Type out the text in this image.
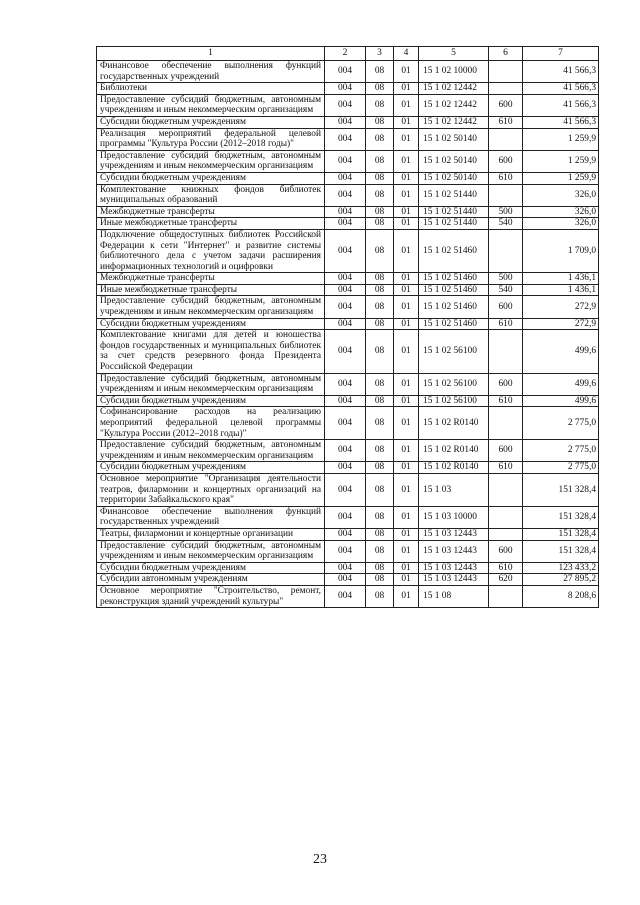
1	2	3	4	5	6	7
Финансовое обеспечение выполнения функций государственных учреждений	004	08	01	15 1 02 10000		41 566,3
Библиотеки	004	08	01	15 1 02 12442		41 566,3
Предоставление субсидий бюджетным, автономным учреждениям и иным некоммерческим организациям	004	08	01	15 1 02 12442	600	41 566,3
Субсидии бюджетным учреждениям	004	08	01	15 1 02 12442	610	41 566,3
Реализация мероприятий федеральной целевой программы "Культура России (2012–2018 годы)"	004	08	01	15 1 02 50140		1 259,9
Предоставление субсидий бюджетным, автономным учреждениям и иным некоммерческим организациям	004	08	01	15 1 02 50140	600	1 259,9
Субсидии бюджетным учреждениям	004	08	01	15 1 02 50140	610	1 259,9
Комплектование книжных фондов библиотек муниципальных образований	004	08	01	15 1 02 51440		326,0
Межбюджетные трансферты	004	08	01	15 1 02 51440	500	326,0
Иные межбюджетные трансферты	004	08	01	15 1 02 51440	540	326,0
Подключение общедоступных библиотек Российской Федерации к сети "Интернет" и развитие системы библиотечного дела с учетом задачи расширения информационных технологий и оцифровки	004	08	01	15 1 02 51460		1 709,0
Межбюджетные трансферты	004	08	01	15 1 02 51460	500	1 436,1
Иные межбюджетные трансферты	004	08	01	15 1 02 51460	540	1 436,1
Предоставление субсидий бюджетным, автономным учреждениям и иным некоммерческим организациям	004	08	01	15 1 02 51460	600	272,9
Субсидии бюджетным учреждениям	004	08	01	15 1 02 51460	610	272,9
Комплектование книгами для детей и юношества фондов государственных и муниципальных библиотек за счет средств резервного фонда Президента Российской Федерации	004	08	01	15 1 02 56100		499,6
Предоставление субсидий бюджетным, автономным учреждениям и иным некоммерческим организациям	004	08	01	15 1 02 56100	600	499,6
Субсидии бюджетным учреждениям	004	08	01	15 1 02 56100	610	499,6
Софинансирование расходов на реализацию мероприятий федеральной целевой программы "Культура России (2012–2018 годы)"	004	08	01	15 1 02 R0140		2 775,0
Предоставление субсидий бюджетным, автономным учреждениям и иным некоммерческим организациям	004	08	01	15 1 02 R0140	600	2 775,0
Субсидии бюджетным учреждениям	004	08	01	15 1 02 R0140	610	2 775,0
Основное мероприятие "Организация деятельности театров, филармонии и концертных организаций на территории Забайкальского края"	004	08	01	15 1 03		151 328,4
Финансовое обеспечение выполнения функций государственных учреждений	004	08	01	15 1 03 10000		151 328,4
Театры, филармонии и концертные организации	004	08	01	15 1 03 12443		151 328,4
Предоставление субсидий бюджетным, автономным учреждениям и иным некоммерческим организациям	004	08	01	15 1 03 12443	600	151 328,4
Субсидии бюджетным учреждениям	004	08	01	15 1 03 12443	610	123 433,2
Субсидии автономным учреждениям	004	08	01	15 1 03 12443	620	27 895,2
Основное мероприятие "Строительство, ремонт, реконструкция зданий учреждений культуры"	004	08	01	15 1 08		8 208,6
23
